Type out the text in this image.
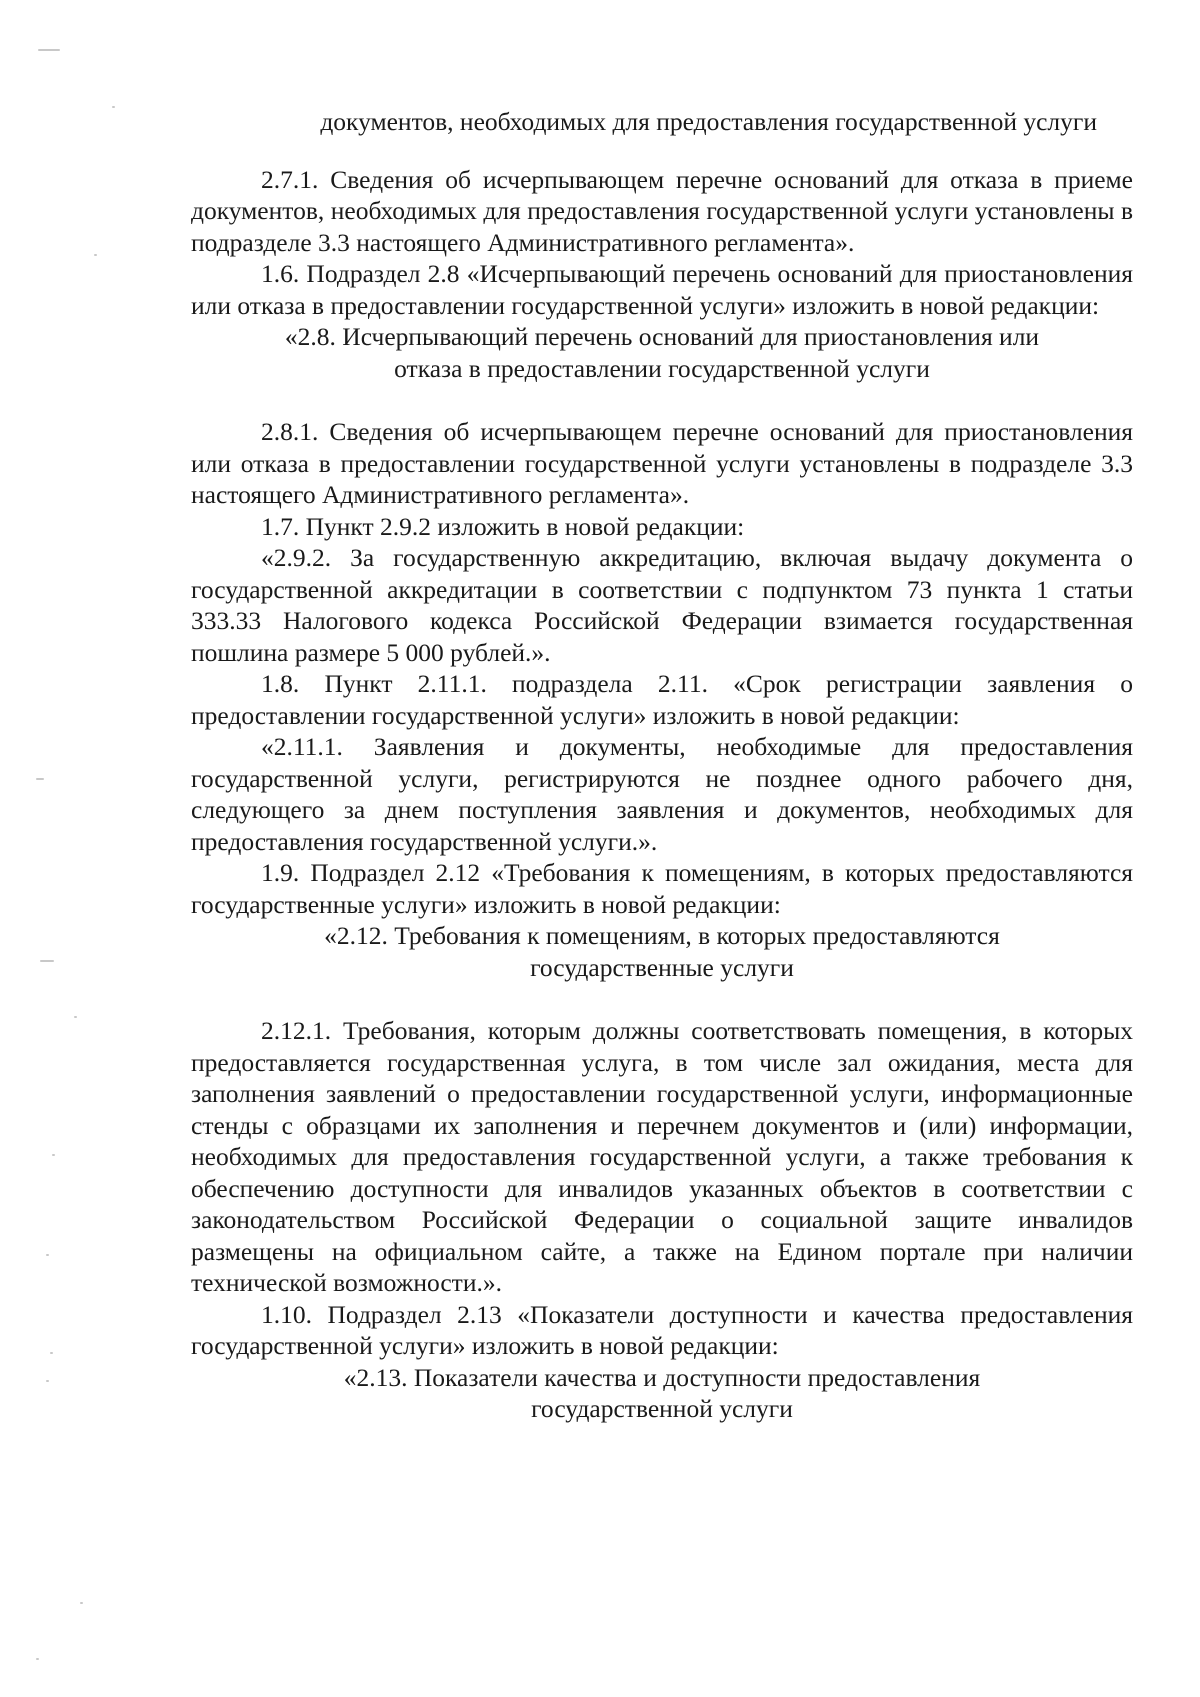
документов, необходимых для предоставления государственной услуги

2.7.1. Сведения об исчерпывающем перечне оснований для отказа в приеме документов, необходимых для предоставления государственной услуги установлены в подразделе 3.3 настоящего Административного регламента».

1.6. Подраздел 2.8 «Исчерпывающий перечень оснований для приостановления или отказа в предоставлении государственной услуги» изложить в новой редакции:

«2.8. Исчерпывающий перечень оснований для приостановления или

отказа в предоставлении государственной услуги

2.8.1. Сведения об исчерпывающем перечне оснований для приостановления или отказа в предоставлении государственной услуги установлены в подразделе 3.3 настоящего Административного регламента».

1.7. Пункт 2.9.2 изложить в новой редакции:

«2.9.2. За государственную аккредитацию, включая выдачу документа о государственной аккредитации в соответствии с подпунктом 73 пункта 1 статьи 333.33 Налогового кодекса Российской Федерации взимается государственная пошлина размере 5 000 рублей.».

1.8. Пункт 2.11.1. подраздела 2.11. «Срок регистрации заявления о предоставлении государственной услуги» изложить в новой редакции:

«2.11.1. Заявления и документы, необходимые для предоставления государственной услуги, регистрируются не позднее одного рабочего дня, следующего за днем поступления заявления и документов, необходимых для предоставления государственной услуги.».

1.9. Подраздел 2.12 «Требования к помещениям, в которых предоставляются государственные услуги» изложить в новой редакции:

«2.12. Требования к помещениям, в которых предоставляются

государственные услуги

2.12.1. Требования, которым должны соответствовать помещения, в которых предоставляется государственная услуга, в том числе зал ожидания, места для заполнения заявлений о предоставлении государственной услуги, информационные стенды с образцами их заполнения и перечнем документов и (или) информации, необходимых для предоставления государственной услуги, а также требования к обеспечению доступности для инвалидов указанных объектов в соответствии с законодательством Российской Федерации о социальной защите инвалидов размещены на официальном сайте, а также на Едином портале при наличии технической возможности.».

1.10. Подраздел 2.13 «Показатели доступности и качества предоставления государственной услуги» изложить в новой редакции:

«2.13. Показатели качества и доступности предоставления

государственной услуги
